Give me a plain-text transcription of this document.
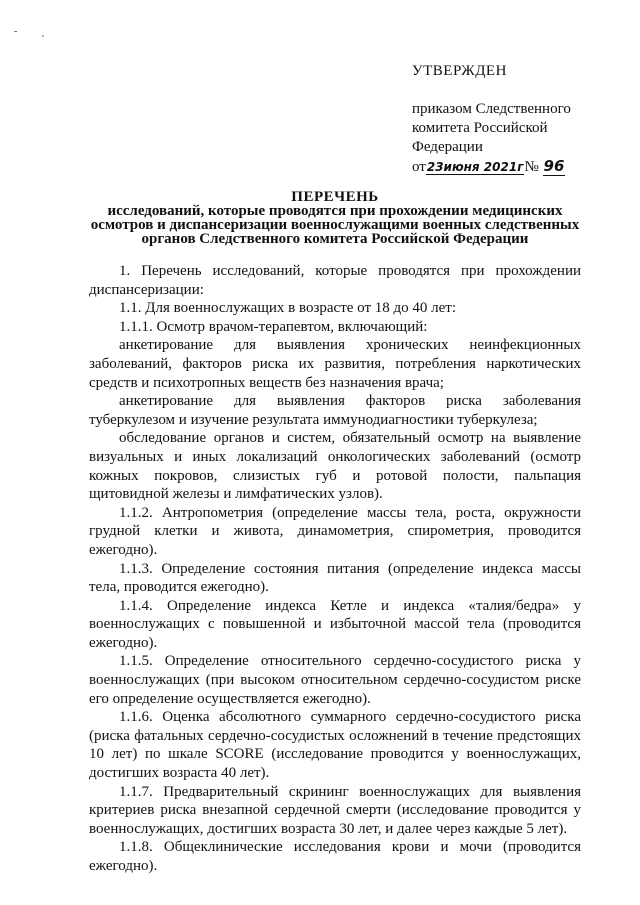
-
'
УТВЕРЖДЕН
приказом Следственного
комитета Российской
Федерации
от23июня 2021г№ 96
ПЕРЕЧЕНЬ
исследований, которые проводятся при прохождении медицинских
осмотров и диспансеризации военнослужащими военных следственных
органов Следственного комитета Российской Федерации

1. Перечень исследований, которые проводятся при прохождении диспансеризации:

1.1. Для военнослужащих в возрасте от 18 до 40 лет:

1.1.1. Осмотр врачом-терапевтом, включающий:

анкетирование для выявления хронических неинфекционных заболеваний, факторов риска их развития, потребления наркотических средств и психотропных веществ без назначения врача;

анкетирование для выявления факторов риска заболевания туберкулезом и изучение результата иммунодиагностики туберкулеза;

обследование органов и систем, обязательный осмотр на выявление визуальных и иных локализаций онкологических заболеваний (осмотр кожных покровов, слизистых губ и ротовой полости, пальпация щитовидной железы и лимфатических узлов).

1.1.2. Антропометрия (определение массы тела, роста, окружности грудной клетки и живота, динамометрия, спирометрия, проводится ежегодно).

1.1.3. Определение состояния питания (определение индекса массы тела, проводится ежегодно).

1.1.4. Определение индекса Кетле и индекса «талия/бедра» у военнослужащих с повышенной и избыточной массой тела (проводится ежегодно).

1.1.5. Определение относительного сердечно-сосудистого риска у военнослужащих (при высоком относительном сердечно-сосудистом риске его определение осуществляется ежегодно).

1.1.6. Оценка абсолютного суммарного сердечно-сосудистого риска (риска фатальных сердечно-сосудистых осложнений в течение предстоящих 10 лет) по шкале SCORE (исследование проводится у военнослужащих, достигших возраста 40 лет).

1.1.7. Предварительный скрининг военнослужащих для выявления критериев риска внезапной сердечной смерти (исследование проводится у военнослужащих, достигших возраста 30 лет, и далее через каждые 5 лет).

1.1.8. Общеклинические исследования крови и мочи (проводится ежегодно).
